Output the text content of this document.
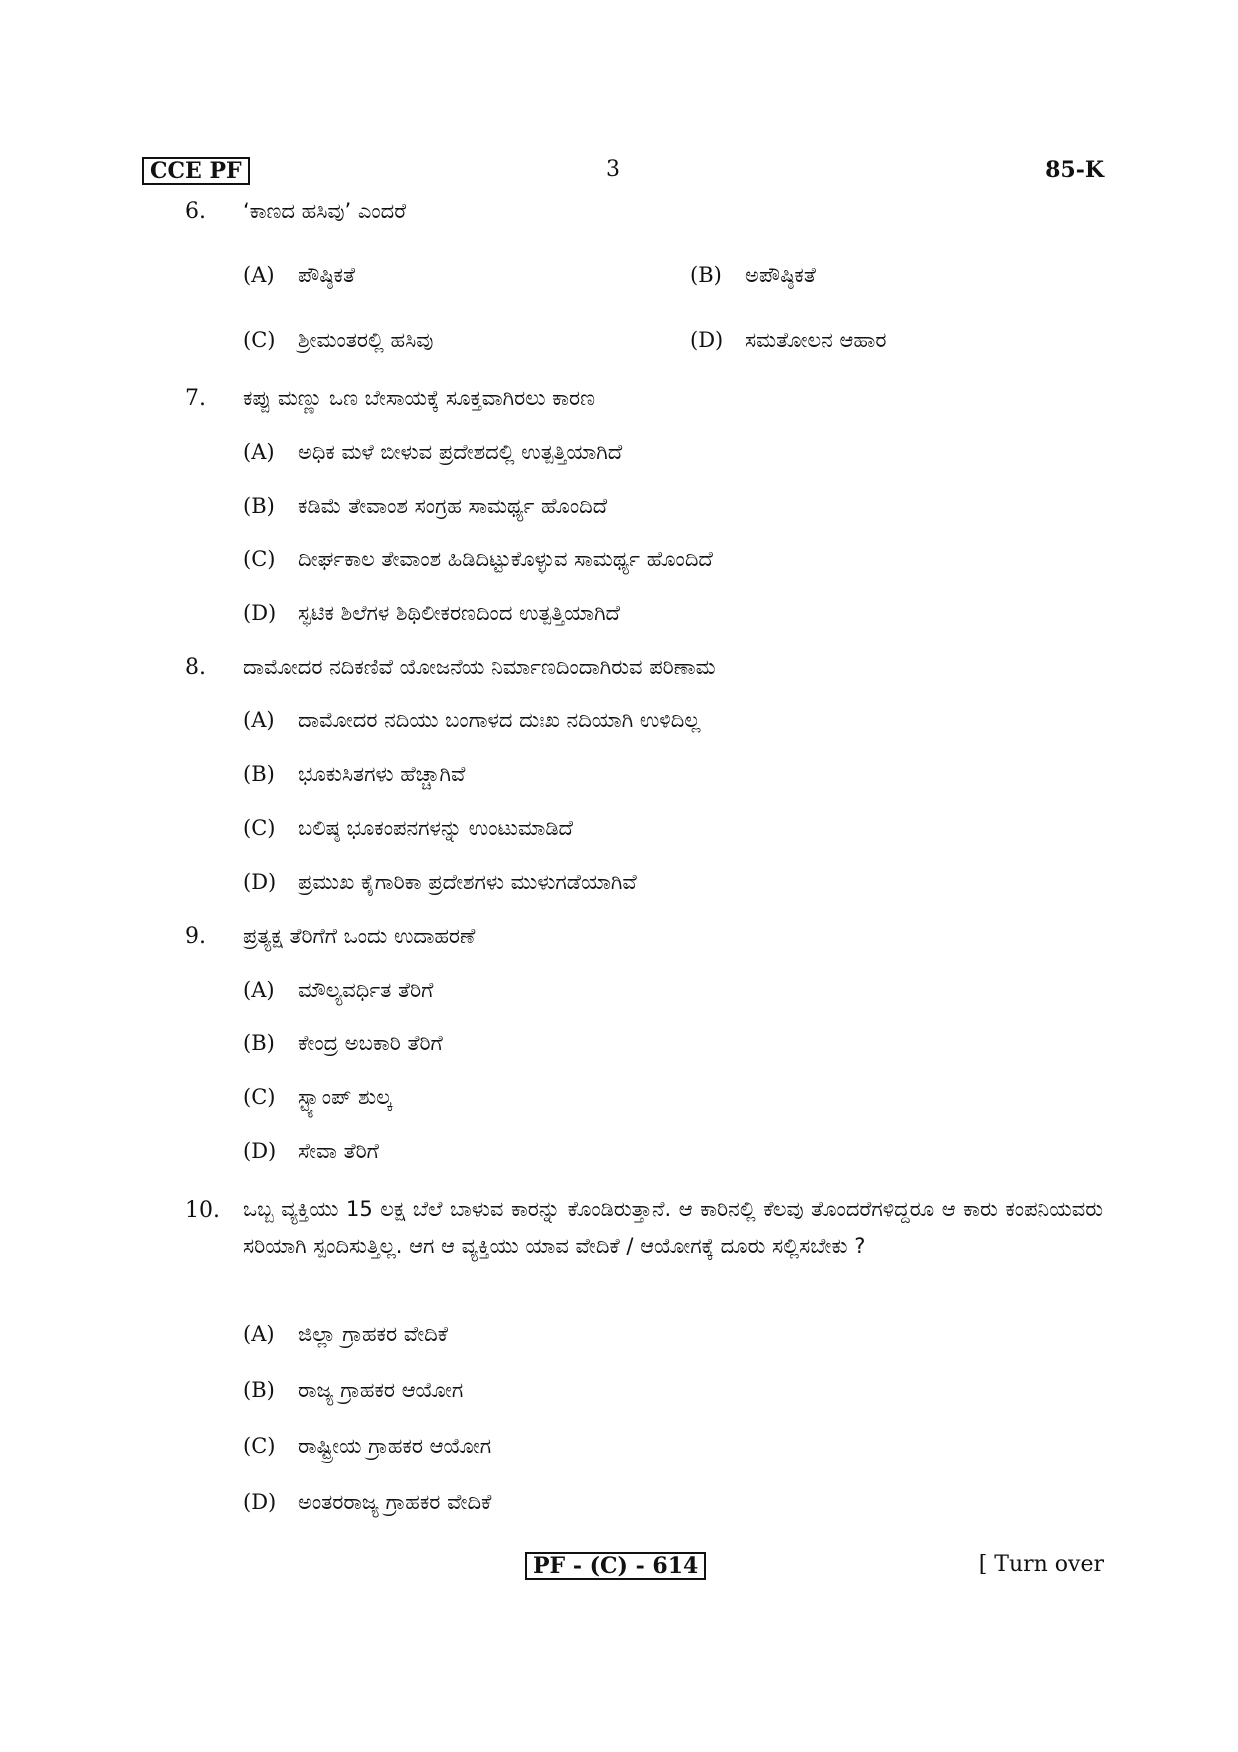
CCE PF	3	85-K
6. ‘ಕಾಣದ ಹಸಿವು’ ಎಂದರೆ
(A) ಪೌಷ್ಠಿಕತೆ	(B) ಅಪೌಷ್ಠಿಕತೆ
(C) ಶ್ರೀಮಂತರಲ್ಲಿ ಹಸಿವು	(D) ಸಮತೋಲನ ಆಹಾರ
7. ಕಪ್ಪು ಮಣ್ಣು ಒಣ ಬೇಸಾಯಕ್ಕೆ ಸೂಕ್ತವಾಗಿರಲು ಕಾರಣ
(A) ಅಧಿಕ ಮಳೆ ಬೀಳುವ ಪ್ರದೇಶದಲ್ಲಿ ಉತ್ಪತ್ತಿಯಾಗಿದೆ
(B) ಕಡಿಮೆ ತೇವಾಂಶ ಸಂಗ್ರಹ ಸಾಮರ್ಥ್ಯ ಹೊಂದಿದೆ
(C) ದೀರ್ಘಕಾಲ ತೇವಾಂಶ ಹಿಡಿದಿಟ್ಟುಕೊಳ್ಳುವ ಸಾಮರ್ಥ್ಯ ಹೊಂದಿದೆ
(D) ಸ್ಫಟಿಕ ಶಿಲೆಗಳ ಶಿಥಿಲೀಕರಣದಿಂದ ಉತ್ಪತ್ತಿಯಾಗಿದೆ
8. ದಾಮೋದರ ನದಿಕಣಿವೆ ಯೋಜನೆಯ ನಿರ್ಮಾಣದಿಂದಾಗಿರುವ ಪರಿಣಾಮ
(A) ದಾಮೋದರ ನದಿಯು ಬಂಗಾಳದ ದುಃಖ ನದಿಯಾಗಿ ಉಳಿದಿಲ್ಲ
(B) ಭೂಕುಸಿತಗಳು ಹೆಚ್ಚಾಗಿವೆ
(C) ಬಲಿಷ್ಠ ಭೂಕಂಪನಗಳನ್ನು ಉಂಟುಮಾಡಿದೆ
(D) ಪ್ರಮುಖ ಕೈಗಾರಿಕಾ ಪ್ರದೇಶಗಳು ಮುಳುಗಡೆಯಾಗಿವೆ
9. ಪ್ರತ್ಯಕ್ಷ ತೆರಿಗೆಗೆ ಒಂದು ಉದಾಹರಣೆ
(A) ಮೌಲ್ಯವರ್ಧಿತ ತೆರಿಗೆ
(B) ಕೇಂದ್ರ ಅಬಕಾರಿ ತೆರಿಗೆ
(C) ಸ್ಟ್ಯಾಂಪ್ ಶುಲ್ಕ
(D) ಸೇವಾ ತೆರಿಗೆ
10. ಒಬ್ಬ ವ್ಯಕ್ತಿಯು 15 ಲಕ್ಷ ಬೆಲೆ ಬಾಳುವ ಕಾರನ್ನು ಕೊಂಡಿರುತ್ತಾನೆ. ಆ ಕಾರಿನಲ್ಲಿ ಕೆಲವು ತೊಂದರೆಗಳಿದ್ದರೂ ಆ ಕಾರು ಕಂಪನಿಯವರು ಸರಿಯಾಗಿ ಸ್ಪಂದಿಸುತ್ತಿಲ್ಲ. ಆಗ ಆ ವ್ಯಕ್ತಿಯು ಯಾವ ವೇದಿಕೆ / ಆಯೋಗಕ್ಕೆ ದೂರು ಸಲ್ಲಿಸಬೇಕು ?
(A) ಜಿಲ್ಲಾ ಗ್ರಾಹಕರ ವೇದಿಕೆ
(B) ರಾಜ್ಯ ಗ್ರಾಹಕರ ಆಯೋಗ
(C) ರಾಷ್ಟ್ರೀಯ ಗ್ರಾಹಕರ ಆಯೋಗ
(D) ಅಂತರರಾಜ್ಯ ಗ್ರಾಹಕರ ವೇದಿಕೆ
PF - (C) - 614	[ Turn over
